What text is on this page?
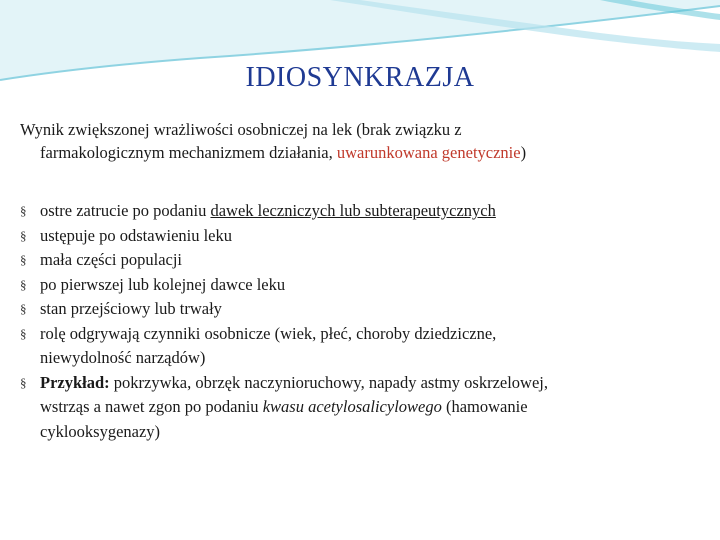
IDIOSYNKRAZJA
Wynik zwiększonej wrażliwości osobniczej na lek (brak związku z
farmakologicznym mechanizmem działania, uwarunkowana genetycznie)
§ ostre zatrucie po podaniu dawek leczniczych lub subterapeutycznych
§ ustępuje po odstawieniu leku
§ mała części populacji
§ po pierwszej lub kolejnej dawce leku
§ stan przejściowy lub trwały
§ rolę odgrywają czynniki osobnicze (wiek, płeć, choroby dziedziczne,
niewydolność narządów)
§ Przykład: pokrzywka, obrzęk naczynioruchowy, napady astmy oskrzelowej,
wstrząs a nawet zgon po podaniu kwasu acetylosalicylowego (hamowanie
cyklooksygenazy)
